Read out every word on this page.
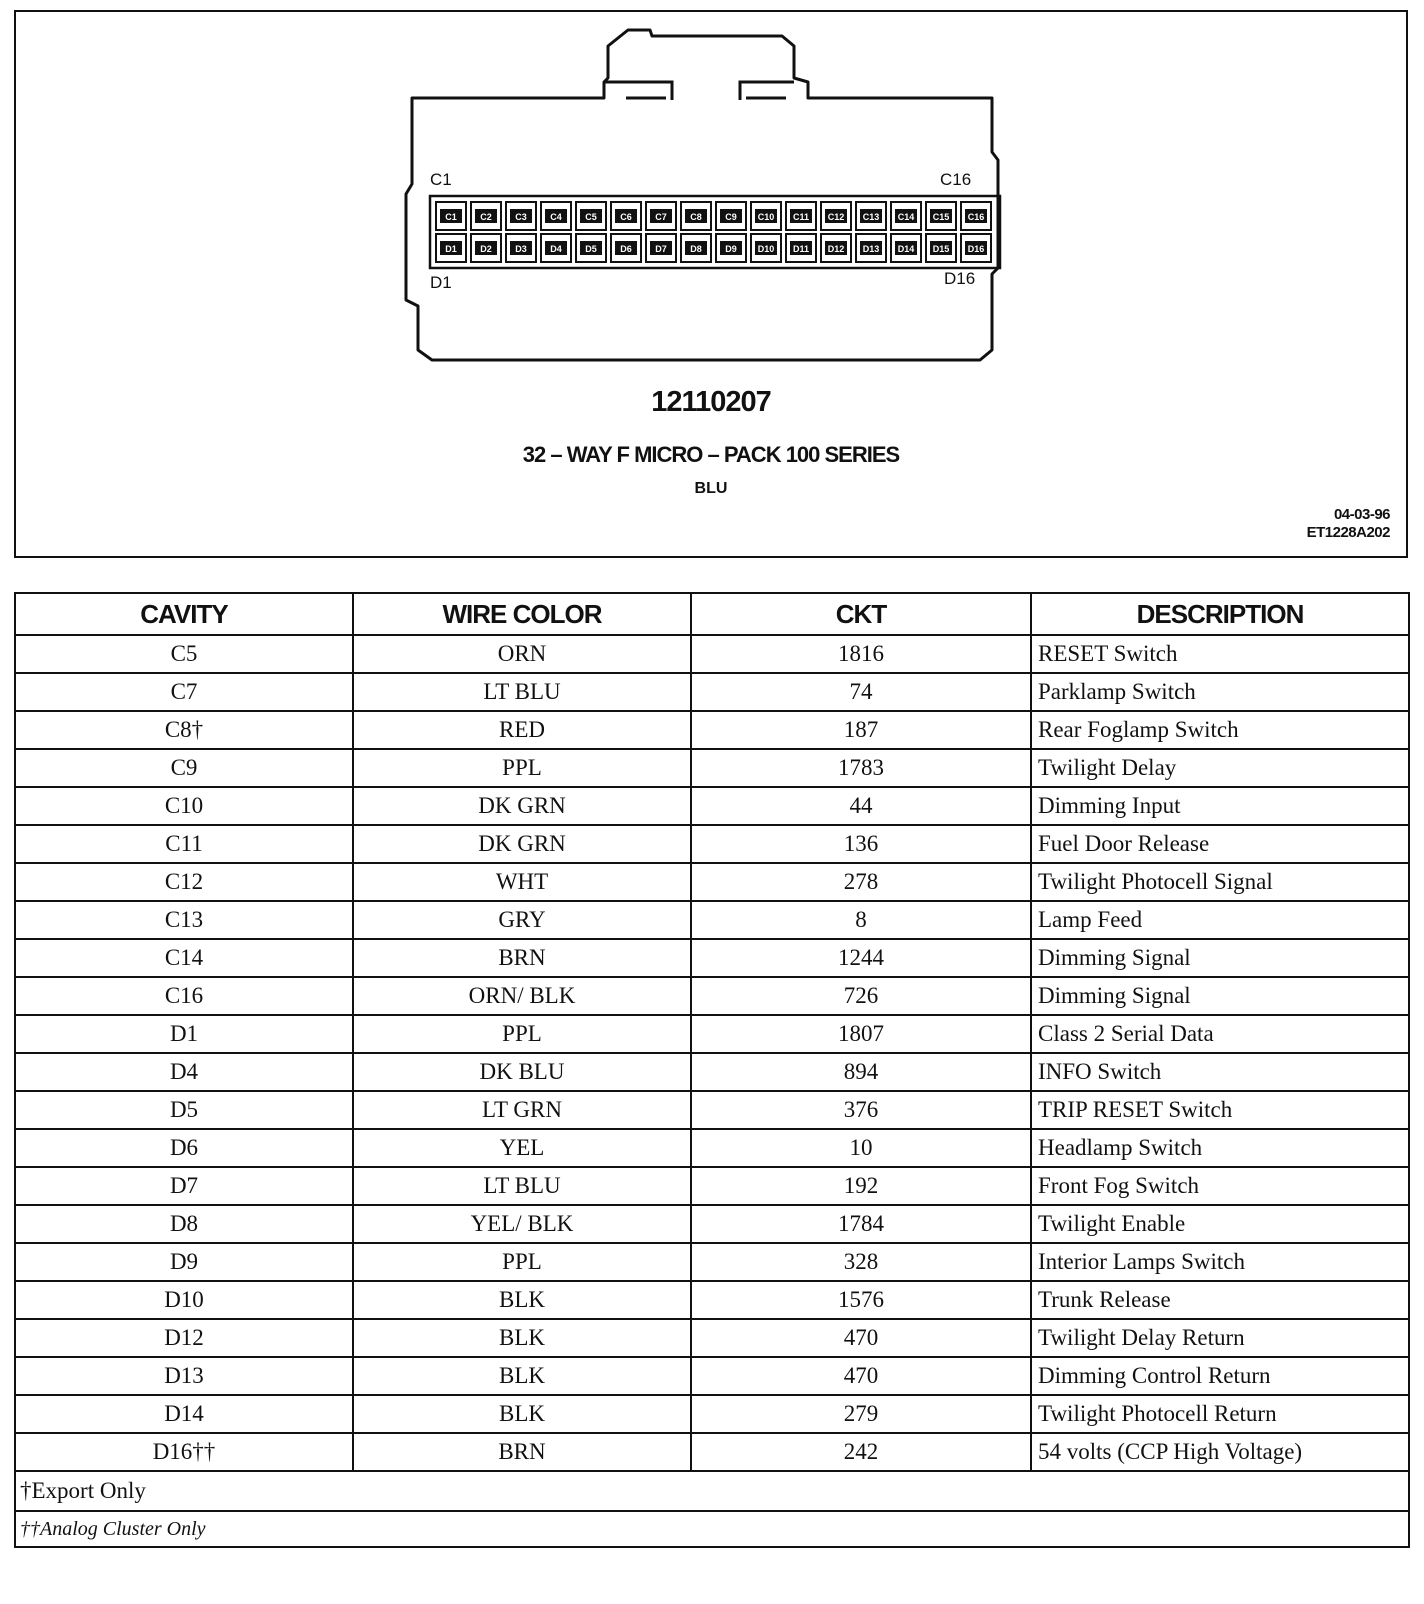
C1	C2	C3	C4	C5	C6	C7	C8	C9 C10 C11 C12 C13 C14 C15 C16
D1	D2	D3	D4	D5	D6	D7	D8	D9 D10 D11 D12 D13 D14 D15 D16
C1	C16
D1	D16
12110207
32 – WAY F MICRO – PACK 100 SERIES
BLU
04-03-96
ET1228A202
CAVITY	WIRE COLOR	CKT	DESCRIPTION
C5	ORN	1816	RESET Switch
C7	LT BLU	74	Parklamp Switch
C8†	RED	187	Rear Foglamp Switch
C9	PPL	1783	Twilight Delay
C10	DK GRN	44	Dimming Input
C11	DK GRN	136	Fuel Door Release
C12	WHT	278	Twilight Photocell Signal
C13	GRY	8	Lamp Feed
C14	BRN	1244	Dimming Signal
C16	ORN/ BLK	726	Dimming Signal
D1	PPL	1807	Class 2 Serial Data
D4	DK BLU	894	INFO Switch
D5	LT GRN	376	TRIP RESET Switch
D6	YEL	10	Headlamp Switch
D7	LT BLU	192	Front Fog Switch
D8	YEL/ BLK	1784	Twilight Enable
D9	PPL	328	Interior Lamps Switch
D10	BLK	1576	Trunk Release
D12	BLK	470	Twilight Delay Return
D13	BLK	470	Dimming Control Return
D14	BLK	279	Twilight Photocell Return
D16††	BRN	242	54 volts (CCP High Voltage)
†Export Only			
††Analog Cluster Only			
